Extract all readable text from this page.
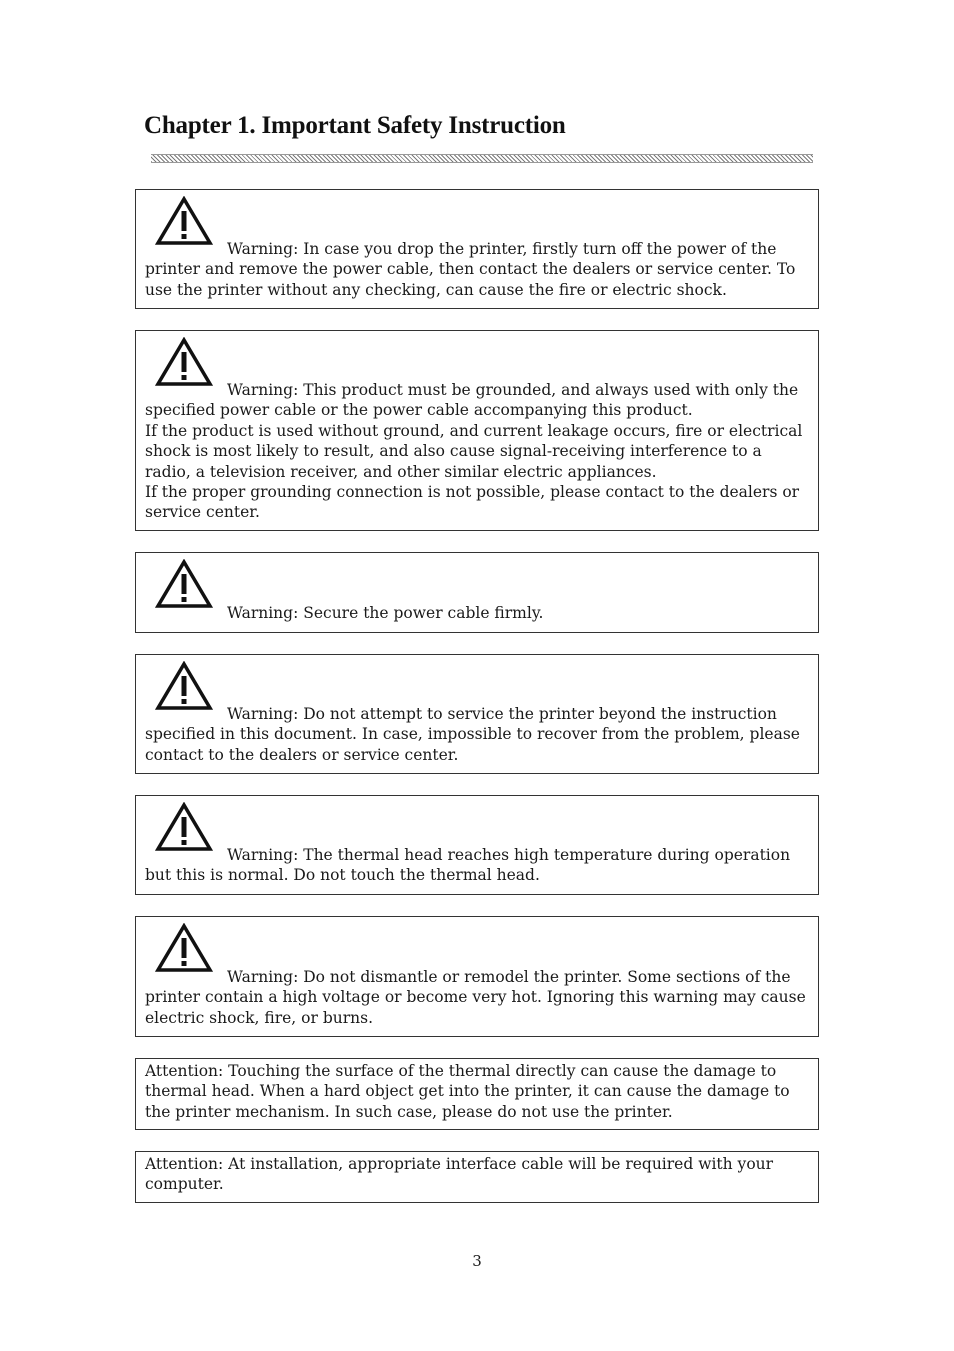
Chapter 1. Important Safety Instruction
Warning: In case you drop the printer, firstly turn off the power of the printer and remove the power cable, then contact the dealers or service center. To use the printer without any checking, can cause the fire or electric shock.
Warning: This product must be grounded, and always used with only the specified power cable or the power cable accompanying this product.
If the product is used without ground, and current leakage occurs, fire or electrical shock is most likely to result, and also cause signal-receiving interference to a radio, a television receiver, and other similar electric appliances.
If the proper grounding connection is not possible, please contact to the dealers or service center.
Warning: Secure the power cable firmly.
Warning: Do not attempt to service the printer beyond the instruction specified in this document. In case, impossible to recover from the problem, please contact to the dealers or service center.
Warning: The thermal head reaches high temperature during operation but this is normal. Do not touch the thermal head.
Warning: Do not dismantle or remodel the printer. Some sections of the printer contain a high voltage or become very hot. Ignoring this warning may cause electric shock, fire, or burns.
Attention: Touching the surface of the thermal directly can cause the damage to thermal head. When a hard object get into the printer, it can cause the damage to the printer mechanism. In such case, please do not use the printer.
Attention: At installation, appropriate interface cable will be required with your computer.
3
